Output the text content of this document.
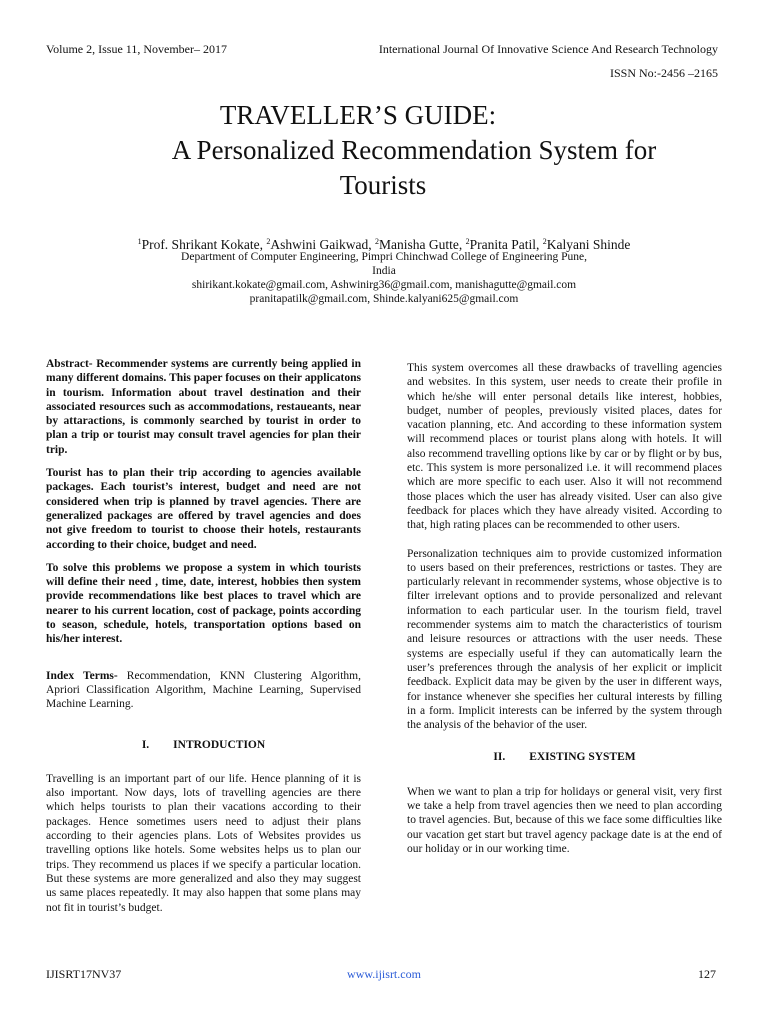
Volume 2, Issue 11, November– 2017	International Journal Of Innovative Science And Research Technology
ISSN No:-2456 –2165
TRAVELLER’S GUIDE:
A Personalized Recommendation System for
Tourists
$^1$Prof. Shrikant Kokate, $^2$Ashwini Gaikwad, $^2$Manisha Gutte, $^2$Pranita Patil, $^2$Kalyani Shinde
Department of Computer Engineering, Pimpri Chinchwad College of Engineering Pune,
India
shirikant.kokate@gmail.com, Ashwinirg36@gmail.com, manishagutte@gmail.com
pranitapatilk@gmail.com, Shinde.kalyani625@gmail.com

Abstract- Recommender systems are currently being applied in many different domains. This paper focuses on their applicatons in tourism. Information about travel destination and their associated resources such as accommodations, restaueants, near by attaractions, is commonly searched by tourist in order to plan a trip or tourist may consult travel agencies for plan their trip.

Tourist has to plan their trip according to agencies available packages. Each tourist’s interest, budget and need are not considered when trip is planned by travel agencies. There are generalized packages are offered by travel agencies and does not give freedom to tourist to choose their hotels, restaurants according to their choice, budget and need.

To solve this problems we propose a system in which tourists will define their need , time, date, interest, hobbies then system provide recommendations like best places to travel which are nearer to his current location, cost of package, points according to season, schedule, hotels, transportation options based on his/her interest.

Index Terms- Recommendation, KNN Clustering Algorithm, Apriori Classification Algorithm, Machine Learning, Supervised Machine Learning.

I. INTRODUCTION

Travelling is an important part of our life. Hence planning of it is also important. Now days, lots of travelling agencies are there which helps tourists to plan their vacations according to their packages. Hence sometimes users need to adjust their plans according to their agencies plans. Lots of Websites provides us travelling options like hotels. Some websites helps us to plan our trips. They recommend us places if we specify a particular location. But these systems are more generalized and also they may suggest us same places repeatedly. It may also happen that some plans may not fit in tourist’s budget.

This system overcomes all these drawbacks of travelling agencies and websites. In this system, user needs to create their profile in which he/she will enter personal details like interest, hobbies, budget, number of peoples, previously visited places, dates for vacation planning, etc. And according to these information system will recommend places or tourist plans along with hotels. It will also recommend travelling options like by car or by flight or by bus, etc. This system is more personalized i.e. it will recommend places which are more specific to each user. Also it will not recommend those places which the user has already visited. User can also give feedback for places which they have already visited. According to that, high rating places can be recommended to other users.

Personalization techniques aim to provide customized information to users based on their preferences, restrictions or tastes. They are particularly relevant in recommender systems, whose objective is to filter irrelevant options and to provide personalized and relevant information to each particular user. In the tourism field, travel recommender systems aim to match the characteristics of tourism and leisure resources or attractions with the user needs. These systems are especially useful if they can automatically learn the user’s preferences through the analysis of her explicit or implicit feedback. Explicit data may be given by the user in different ways, for instance whenever she specifies her cultural interests by filling in a form. Implicit interests can be inferred by the system through the analysis of the behavior of the user.

II. EXISTING SYSTEM

When we want to plan a trip for holidays or general visit, very first we take a help from travel agencies then we need to plan according to travel agencies. But, because of this we face some difficulties like our vacation get start but travel agency package date is at the end of our holiday or in our working time.

IJISRT17NV37	www.ijisrt.com	127
